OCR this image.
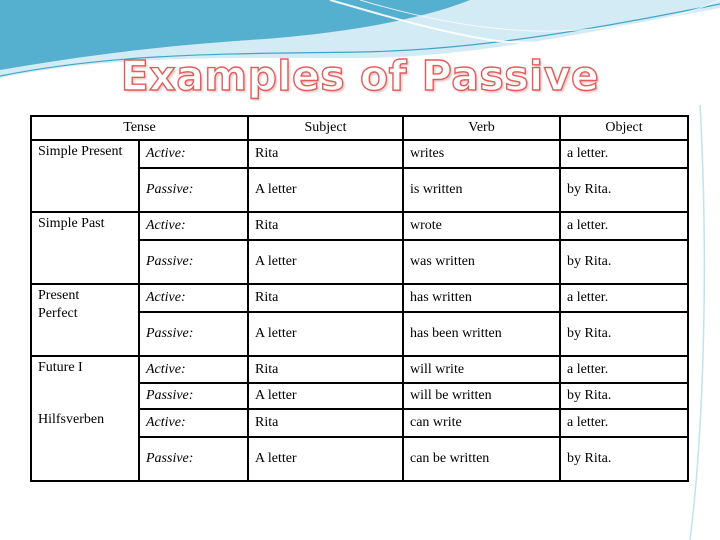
Examples of Passive
Tense		Subject	Verb	Object
Simple Present	Active:	Rita	writes	a letter.
	Passive:	A letter	is written	by Rita.
Simple Past	Active:	Rita	wrote	a letter.
	Passive:	A letter	was written	by Rita.

Present Perfect	Active:	Rita	has written	a letter.
	Passive:	A letter	has been written	by Rita.
Future I	Active:	Rita	will write	a letter.
	Passive:	A letter	will be written	by Rita.
Hilfsverben	Active:	Rita	can write	a letter.
	Passive:	A letter	can be written	by Rita.
